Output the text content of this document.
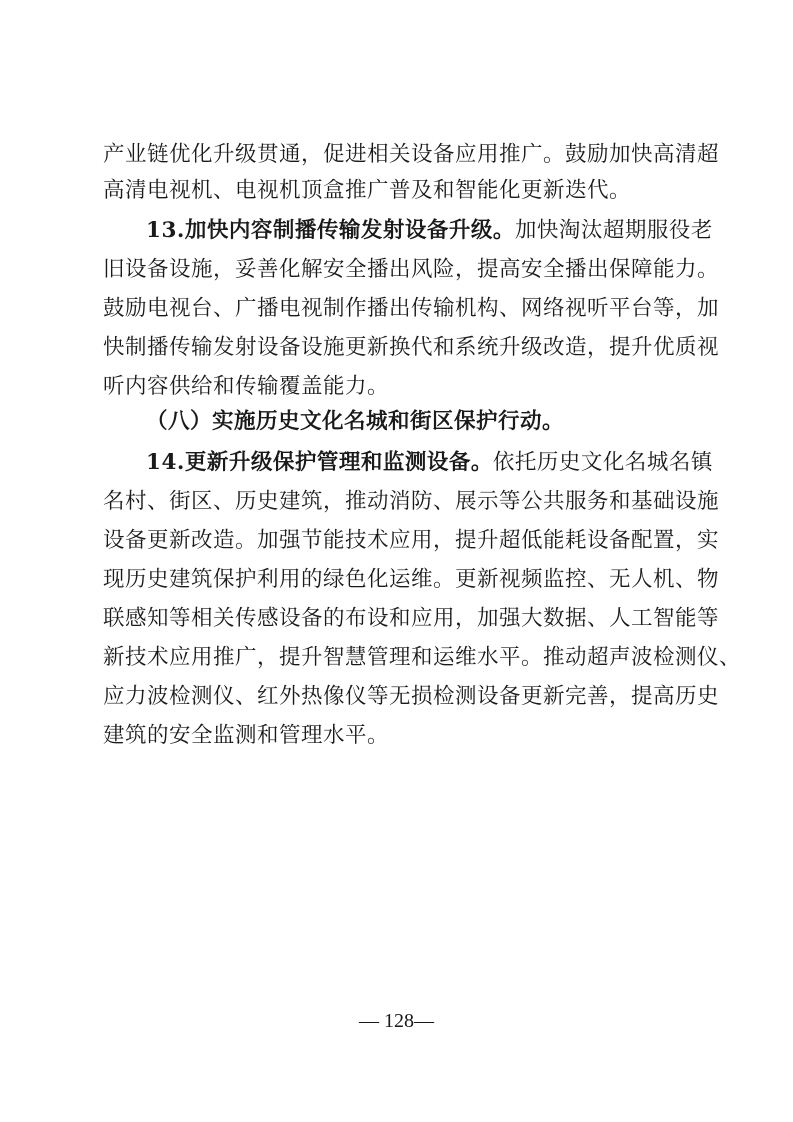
产业链优化升级贯通，促进相关设备应用推广。鼓励加快高清超
高清电视机、电视机顶盒推广普及和智能化更新迭代。
13.加快内容制播传输发射设备升级。加快淘汰超期服役老
旧设备设施，妥善化解安全播出风险，提高安全播出保障能力。
鼓励电视台、广播电视制作播出传输机构、网络视听平台等，加
快制播传输发射设备设施更新换代和系统升级改造，提升优质视
听内容供给和传输覆盖能力。
（八）实施历史文化名城和街区保护行动。
14.更新升级保护管理和监测设备。依托历史文化名城名镇
名村、街区、历史建筑，推动消防、展示等公共服务和基础设施
设备更新改造。加强节能技术应用，提升超低能耗设备配置，实
现历史建筑保护利用的绿色化运维。更新视频监控、无人机、物
联感知等相关传感设备的布设和应用，加强大数据、人工智能等
新技术应用推广，提升智慧管理和运维水平。推动超声波检测仪、
应力波检测仪、红外热像仪等无损检测设备更新完善，提高历史
建筑的安全监测和管理水平。
— 128—
